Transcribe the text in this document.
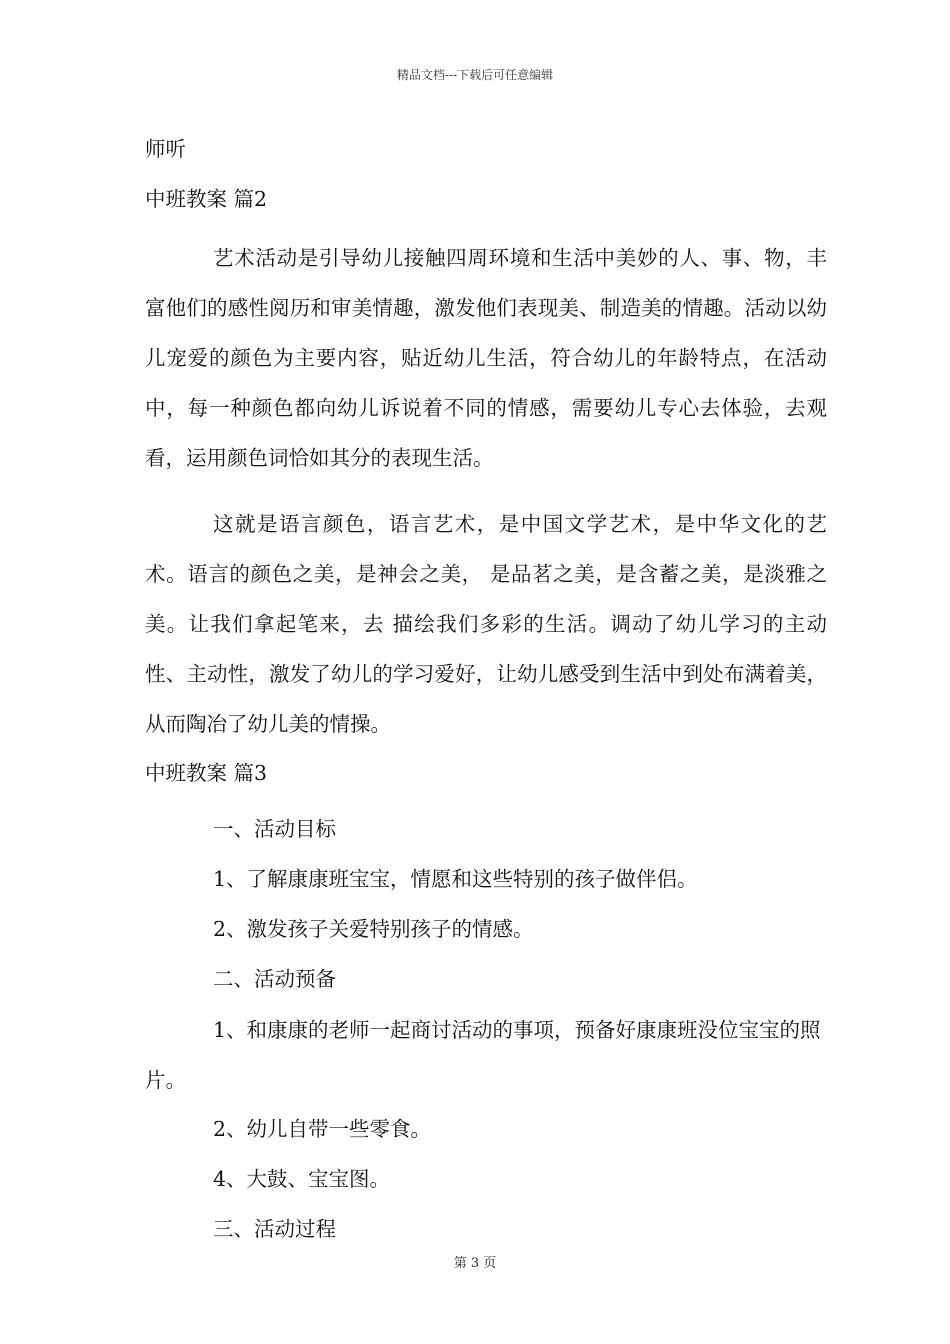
精品文档---下载后可任意编辑
师听
中班教案 篇2

艺术活动是引导幼儿接触四周环境和生活中美妙的人、事、物，丰富他们的感性阅历和审美情趣，激发他们表现美、制造美的情趣。活动以幼儿宠爱的颜色为主要内容，贴近幼儿生活，符合幼儿的年龄特点，在活动中，每一种颜色都向幼儿诉说着不同的情感，需要幼儿专心去体验，去观看，运用颜色词恰如其分的表现生活。

这就是语言颜色，语言艺术，是中国文学艺术，是中华文化的艺术。语言的颜色之美，是神会之美， 是品茗之美，是含蓄之美，是淡雅之美。让我们拿起笔来，去 描绘我们多彩的生活。调动了幼儿学习的主动性、主动性，激发了幼儿的学习爱好，让幼儿感受到生活中到处布满着美，从而陶冶了幼儿美的情操。

中班教案 篇3
一、活动目标
1、了解康康班宝宝，情愿和这些特别的孩子做伴侣。
2、激发孩子关爱特别孩子的情感。
二、活动预备

1、和康康的老师一起商讨活动的事项，预备好康康班没位宝宝的照片。

2、幼儿自带一些零食。
4、大鼓、宝宝图。
三、活动过程
第 3 页
